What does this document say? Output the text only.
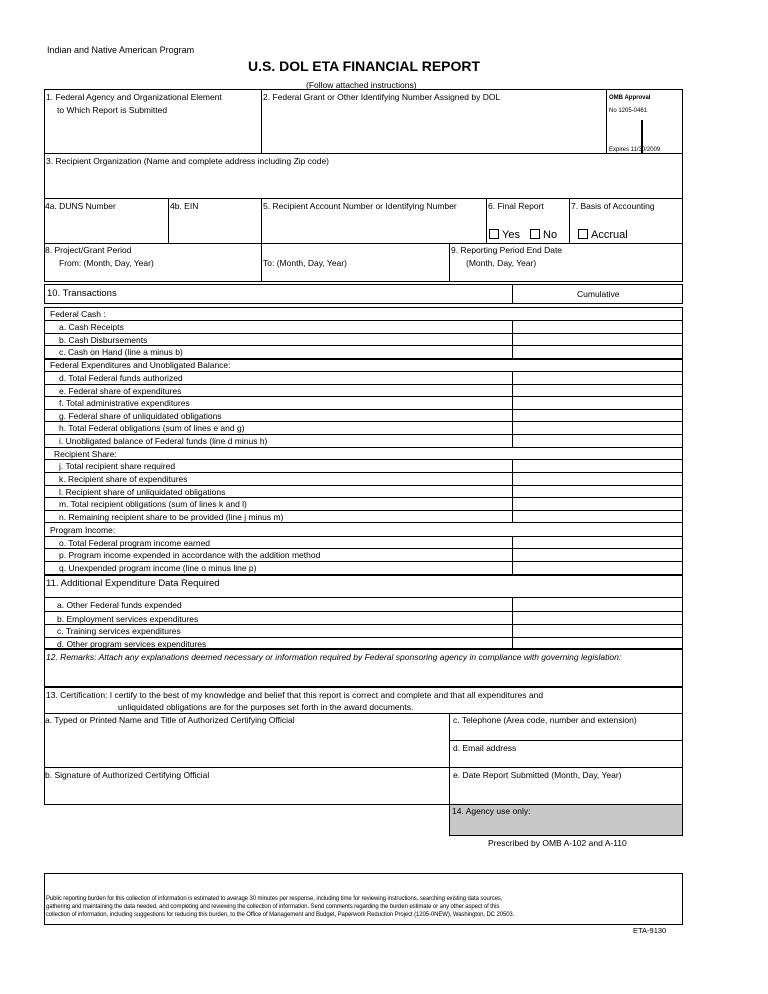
Indian and Native American Program
U.S. DOL ETA FINANCIAL REPORT
(Follow attached instructions)
1. Federal Agency and Organizational Element
to Which Report is Submitted
2. Federal Grant or Other Identifying Number Assigned by DOL	OMB Approval
No 1205-0461
Expires 11/30/2009
3. Recipient Organization (Name and complete address including Zip code)
4a. DUNS Number	4b. EIN	5. Recipient Account Number or Identifying Number	6. Final Report	7. Basis of Accounting
Yes	No	Accrual
8. Project/Grant Period
From: (Month, Day, Year)	To: (Month, Day, Year)
9. Reporting Period End Date
(Month, Day, Year)
10. Transactions	Cumulative
Federal Cash :
a. Cash Receipts
b. Cash Disbursements
c. Cash on Hand (line a minus b)
Federal Expenditures and Unobligated Balance:
d. Total Federal funds authorized
e. Federal share of expenditures
f. Total administrative expenditures
g. Federal share of unliquidated obligations
h. Total Federal obligations (sum of lines e and g)
i. Unobligated balance of Federal funds (line d minus h)
Recipient Share:
j. Total recipient share required
k. Recipient share of expenditures
l. Recipient share of unliquidated obligations
m. Total recipient obligations (sum of lines k and l)
n. Remaining recipient share to be provided (line j minus m)
Program Income:
o. Total Federal program income earned
p. Program income expended in accordance with the addition method
q. Unexpended program income (line o minus line p)
11. Additional Expenditure Data Required
a. Other Federal funds expended
b. Employment services expenditures
c. Training services expenditures
d. Other program services expenditures
12. Remarks: Attach any explanations deemed necessary or information required by Federal sponsoring agency in compliance with governing legislation:
13. Certification: I certify to the best of my knowledge and belief that this report is correct and complete and that all expenditures and
unliquidated obligations are for the purposes set forth in the award documents.
a. Typed or Printed Name and Title of Authorized Certifying Official
b. Signature of Authorized Certifying Official
c. Telephone (Area code, number and extension)
d. Email address
e. Date Report Submitted (Month, Day, Year)
14. Agency use only:
Prescribed by OMB A-102 and A-110
Public reporting burden for this collection of information is estimated to average 30 minutes per response, including time for reviewing instructions, searching existing data sources,
gathering and maintaining the data needed, and completing and reviewing the collection of information. Send comments regarding the burden estimate or any other aspect of this
collection of information, including suggestions for reducing this burden, to the Office of Management and Budget, Paperwork Reduction Project (1205-0NEW), Washington, DC 20503.
ETA-9130
